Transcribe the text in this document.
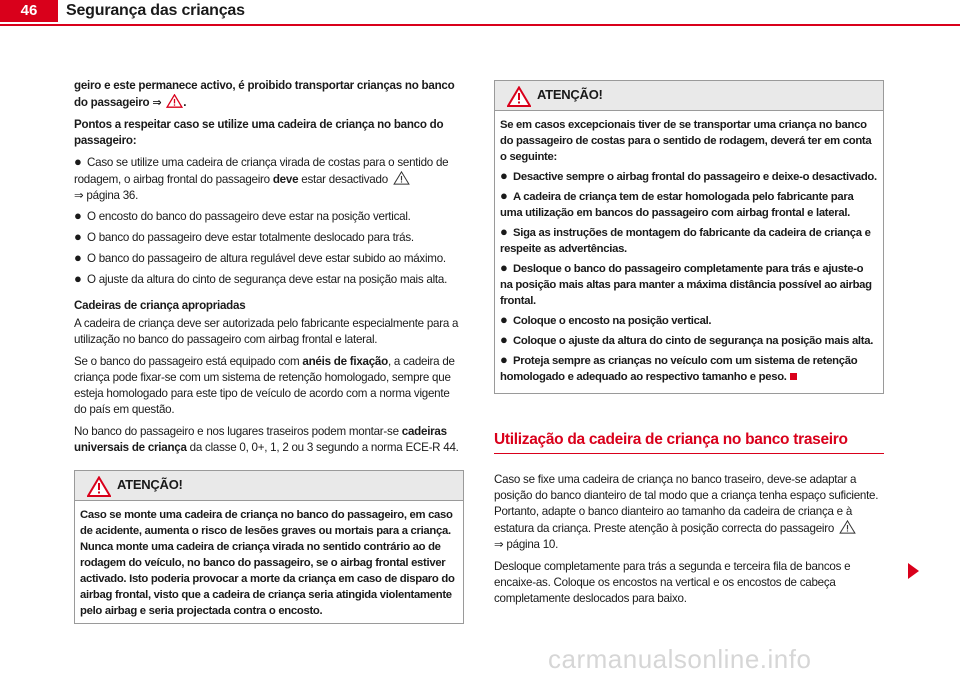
46	Segurança das crianças

geiro e este permanece activo, é proibido transportar crianças no banco do passageiro ⇒ .

Pontos a respeitar caso se utilize uma cadeira de criança no banco do passageiro:

● Caso se utilize uma cadeira de criança virada de costas para o sentido de rodagem, o airbag frontal do passageiro deve estar desactivado
⇒ página 36.
● O encosto do banco do passageiro deve estar na posição vertical.
● O banco do passageiro deve estar totalmente deslocado para trás.
● O banco do passageiro de altura regulável deve estar subido ao máximo.
● O ajuste da altura do cinto de segurança deve estar na posição mais alta.

Cadeiras de criança apropriadas

A cadeira de criança deve ser autorizada pelo fabricante especialmente para a utilização no banco do passageiro com airbag frontal e lateral.

Se o banco do passageiro está equipado com anéis de fixação, a cadeira de criança pode fixar-se com um sistema de retenção homologado, sempre que esteja homologado para este tipo de veículo de acordo com a norma vigente do país em questão.

No banco do passageiro e nos lugares traseiros podem montar-se cadeiras universais de criança da classe 0, 0+, 1, 2 ou 3 segundo a norma ECE-R 44.

ATENÇÃO!
Caso se monte uma cadeira de criança no banco do passageiro, em caso de acidente, aumenta o risco de lesões graves ou mortais para a criança. Nunca monte uma cadeira de criança virada no sentido contrário ao de rodagem do veículo, no banco do passageiro, se o airbag frontal estiver activado. Isto poderia provocar a morte da criança em caso de disparo do airbag frontal, visto que a cadeira de criança seria atingida violentamente pelo airbag e seria projectada contra o encosto.
ATENÇÃO!

Se em casos excepcionais tiver de se transportar uma criança no banco do passageiro de costas para o sentido de rodagem, deverá ter em conta o seguinte:

● Desactive sempre o airbag frontal do passageiro e deixe-o desactivado.
● A cadeira de criança tem de estar homologada pelo fabricante para uma utilização em bancos do passageiro com airbag frontal e lateral.
● Siga as instruções de montagem do fabricante da cadeira de criança e respeite as advertências.
● Desloque o banco do passageiro completamente para trás e ajuste-o na posição mais altas para manter a máxima distância possível ao airbag frontal.
● Coloque o encosto na posição vertical.
● Coloque o ajuste da altura do cinto de segurança na posição mais alta.
● Proteja sempre as crianças no veículo com um sistema de retenção homologado e adequado ao respectivo tamanho e peso.
Utilização da cadeira de criança no banco traseiro

Caso se fixe uma cadeira de criança no banco traseiro, deve-se adaptar a posição do banco dianteiro de tal modo que a criança tenha espaço suficiente. Portanto, adapte o banco dianteiro ao tamanho da cadeira de criança e à estatura da criança. Preste atenção à posição correcta do passageiro
⇒ página 10.

Desloque completamente para trás a segunda e terceira fila de bancos e encaixe-as. Coloque os encostos na vertical e os encostos de cabeça completamente deslocados para baixo.

carmanualsonline.info
